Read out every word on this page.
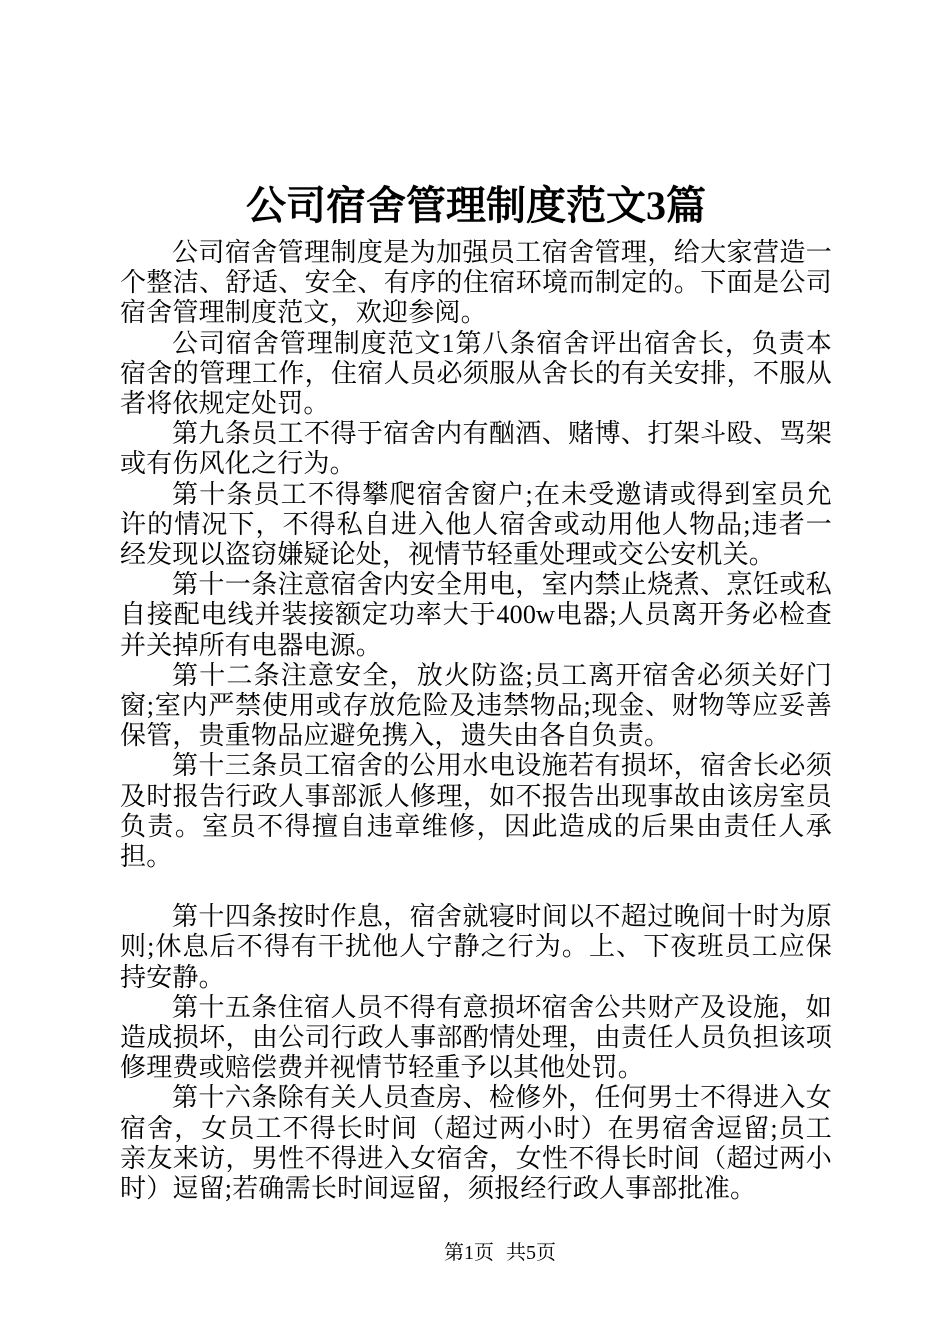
公司宿舍管理制度范文3篇

公司宿舍管理制度是为加强员工宿舍管理，给大家营造一个整洁、舒适、安全、有序的住宿环境而制定的。下面是公司宿舍管理制度范文，欢迎参阅。

公司宿舍管理制度范文1第八条宿舍评出宿舍长，负责本宿舍的管理工作，住宿人员必须服从舍长的有关安排，不服从者将依规定处罚。

第九条员工不得于宿舍内有酗酒、赌博、打架斗殴、骂架或有伤风化之行为。

第十条员工不得攀爬宿舍窗户;在未受邀请或得到室员允许的情况下，不得私自进入他人宿舍或动用他人物品;违者一经发现以盗窃嫌疑论处，视情节轻重处理或交公安机关。

第十一条注意宿舍内安全用电，室内禁止烧煮、烹饪或私自接配电线并装接额定功率大于400w电器;人员离开务必检查并关掉所有电器电源。

第十二条注意安全，放火防盗;员工离开宿舍必须关好门窗;室内严禁使用或存放危险及违禁物品;现金、财物等应妥善保管，贵重物品应避免携入，遗失由各自负责。

第十三条员工宿舍的公用水电设施若有损坏，宿舍长必须及时报告行政人事部派人修理，如不报告出现事故由该房室员负责。室员不得擅自违章维修，因此造成的后果由责任人承担。

第十四条按时作息，宿舍就寝时间以不超过晚间十时为原则;休息后不得有干扰他人宁静之行为。上、下夜班员工应保持安静。

第十五条住宿人员不得有意损坏宿舍公共财产及设施，如造成损坏，由公司行政人事部酌情处理，由责任人员负担该项修理费或赔偿费并视情节轻重予以其他处罚。

第十六条除有关人员查房、检修外，任何男士不得进入女宿舍，女员工不得长时间（超过两小时）在男宿舍逗留;员工亲友来访，男性不得进入女宿舍，女性不得长时间（超过两小时）逗留;若确需长时间逗留，须报经行政人事部批准。

第1页 共5页
